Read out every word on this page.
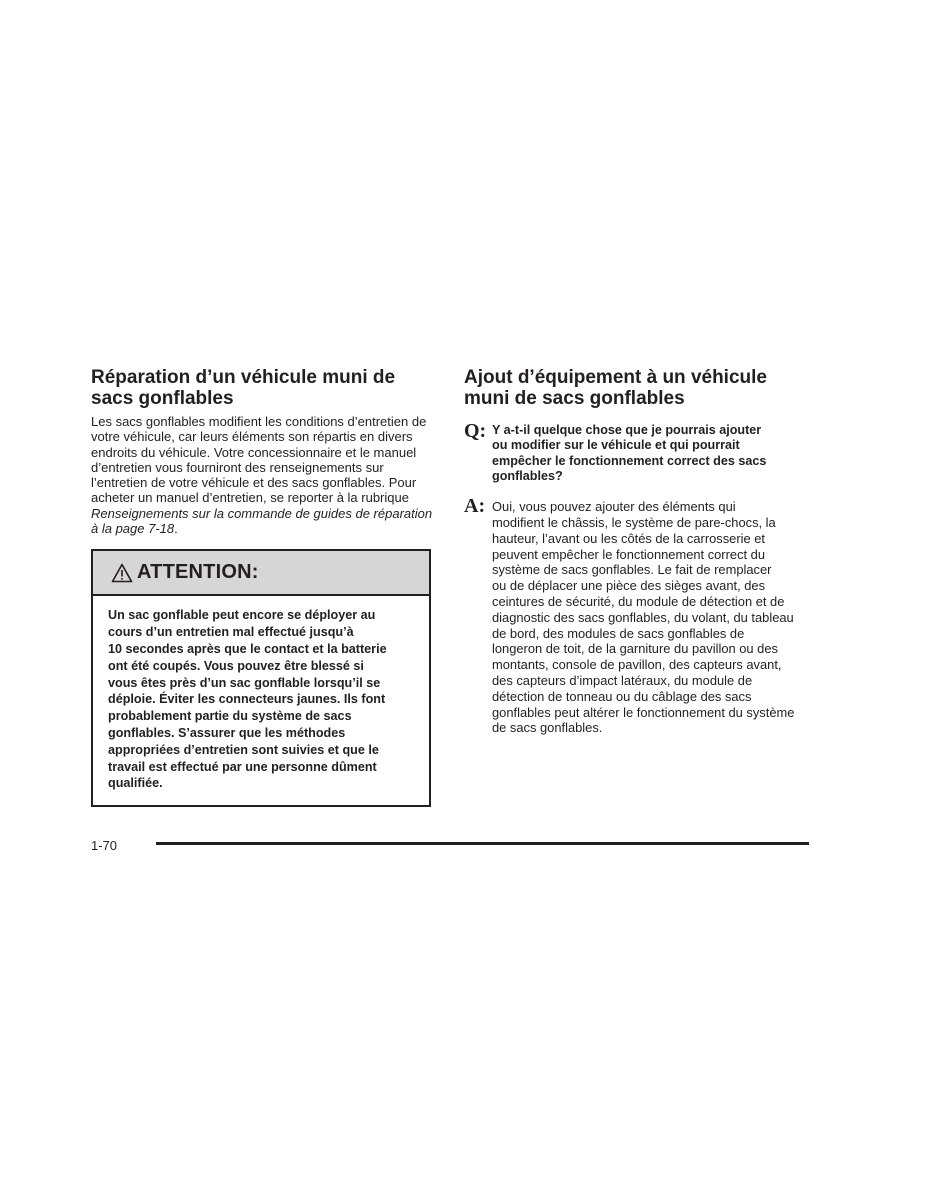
Réparation d’un véhicule muni de
sacs gonflables

Les sacs gonflables modifient les conditions d’entretien de votre véhicule, car leurs éléments son répartis en divers endroits du véhicule. Votre concessionnaire et le manuel d’entretien vous fourniront des renseignements sur l’entretien de votre véhicule et des sacs gonflables. Pour acheter un manuel d’entretien, se reporter à la rubrique Renseignements sur la commande de guides de réparation à la page 7-18.

ATTENTION:
Un sac gonflable peut encore se déployer au
cours d’un entretien mal effectué jusqu’à
10 secondes après que le contact et la batterie
ont été coupés. Vous pouvez être blessé si
vous êtes près d’un sac gonflable lorsqu’il se
déploie. Éviter les connecteurs jaunes. Ils font
probablement partie du système de sacs
gonflables. S’assurer que les méthodes
appropriées d’entretien sont suivies et que le
travail est effectué par une personne dûment
qualifiée.
Ajout d’équipement à un véhicule
muni de sacs gonflables
Q: Y a-t-il quelque chose que je pourrais ajouter
ou modifier sur le véhicule et qui pourrait
empêcher le fonctionnement correct des sacs
gonflables?
A: Oui, vous pouvez ajouter des éléments qui
modifient le châssis, le système de pare-chocs, la
hauteur, l’avant ou les côtés de la carrosserie et
peuvent empêcher le fonctionnement correct du
système de sacs gonflables. Le fait de remplacer
ou de déplacer une pièce des sièges avant, des
ceintures de sécurité, du module de détection et de
diagnostic des sacs gonflables, du volant, du tableau
de bord, des modules de sacs gonflables de
longeron de toit, de la garniture du pavillon ou des
montants, console de pavillon, des capteurs avant,
des capteurs d’impact latéraux, du module de
détection de tonneau ou du câblage des sacs
gonflables peut altérer le fonctionnement du système
de sacs gonflables.
1-70
